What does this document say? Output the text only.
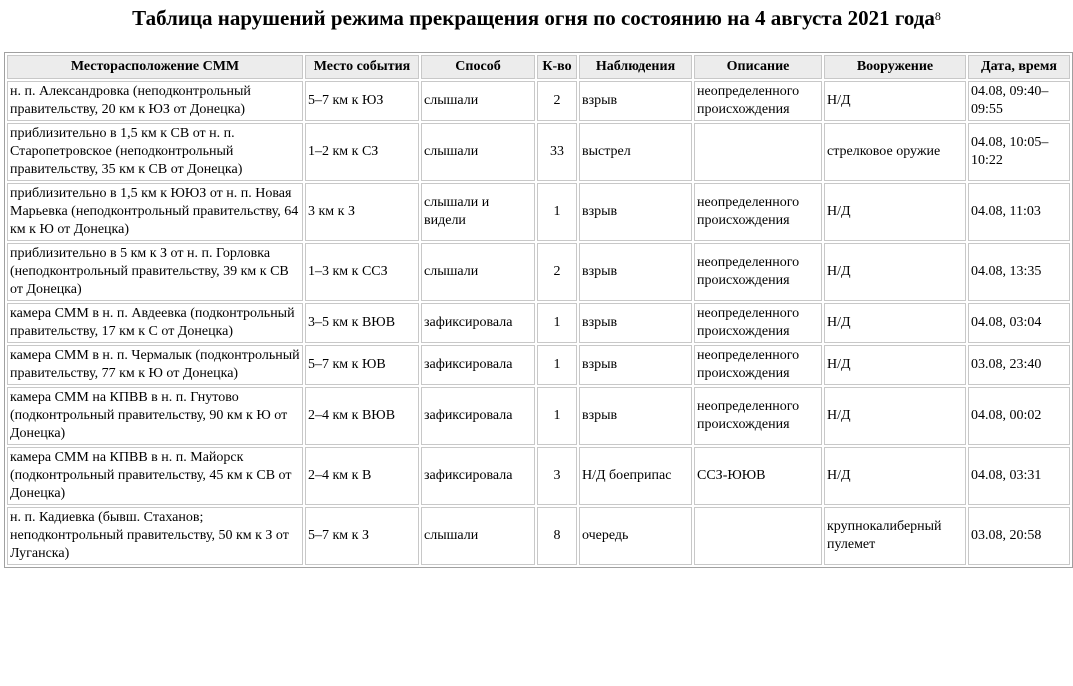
Таблица нарушений режима прекращения огня по состоянию на 4 августа 2021 года$^8$
Месторасположение СММ	Место события	Способ	К-во	Наблюдения	Описание	Вооружение	Дата, время
н. п. Александровка (неподконтрольный правительству, 20 км к ЮЗ от Донецка)	5–7 км к ЮЗ	слышали	2	взрыв	неопределенного происхождения	Н/Д	04.08, 09:40–09:55
приблизительно в 1,5 км к СВ от н. п. Старопетровское (неподконтрольный правительству, 35 км к СВ от Донецка)	1–2 км к СЗ	слышали	33	выстрел		стрелковое оружие	04.08, 10:05–10:22
приблизительно в 1,5 км к ЮЮЗ от н. п. Новая Марьевка (неподконтрольный правительству, 64 км к Ю от Донецка)	3 км к З	слышали и видели	1	взрыв	неопределенного происхождения	Н/Д	04.08, 11:03
приблизительно в 5 км к З от н. п. Горловка (неподконтрольный правительству, 39 км к СВ от Донецка)	1–3 км к ССЗ	слышали	2	взрыв	неопределенного происхождения	Н/Д	04.08, 13:35
камера СММ в н. п. Авдеевка (подконтрольный правительству, 17 км к С от Донецка)	3–5 км к ВЮВ	зафиксировала	1	взрыв	неопределенного происхождения	Н/Д	04.08, 03:04
камера СММ в н. п. Чермалык (подконтрольный правительству, 77 км к Ю от Донецка)	5–7 км к ЮВ	зафиксировала	1	взрыв	неопределенного происхождения	Н/Д	03.08, 23:40
камера СММ на КПВВ в н. п. Гнутово (подконтрольный правительству, 90 км к Ю от Донецка)	2–4 км к ВЮВ	зафиксировала	1	взрыв	неопределенного происхождения	Н/Д	04.08, 00:02
камера СММ на КПВВ в н. п. Майорск (подконтрольный правительству, 45 км к СВ от Донецка)	2–4 км к В	зафиксировала	3	Н/Д боеприпас	ССЗ-ЮЮВ	Н/Д	04.08, 03:31
н. п. Кадиевка (бывш. Стаханов; неподконтрольный правительству, 50 км к З от Луганска)	5–7 км к З	слышали	8	очередь		крупнокалиберный пулемет	03.08, 20:58
